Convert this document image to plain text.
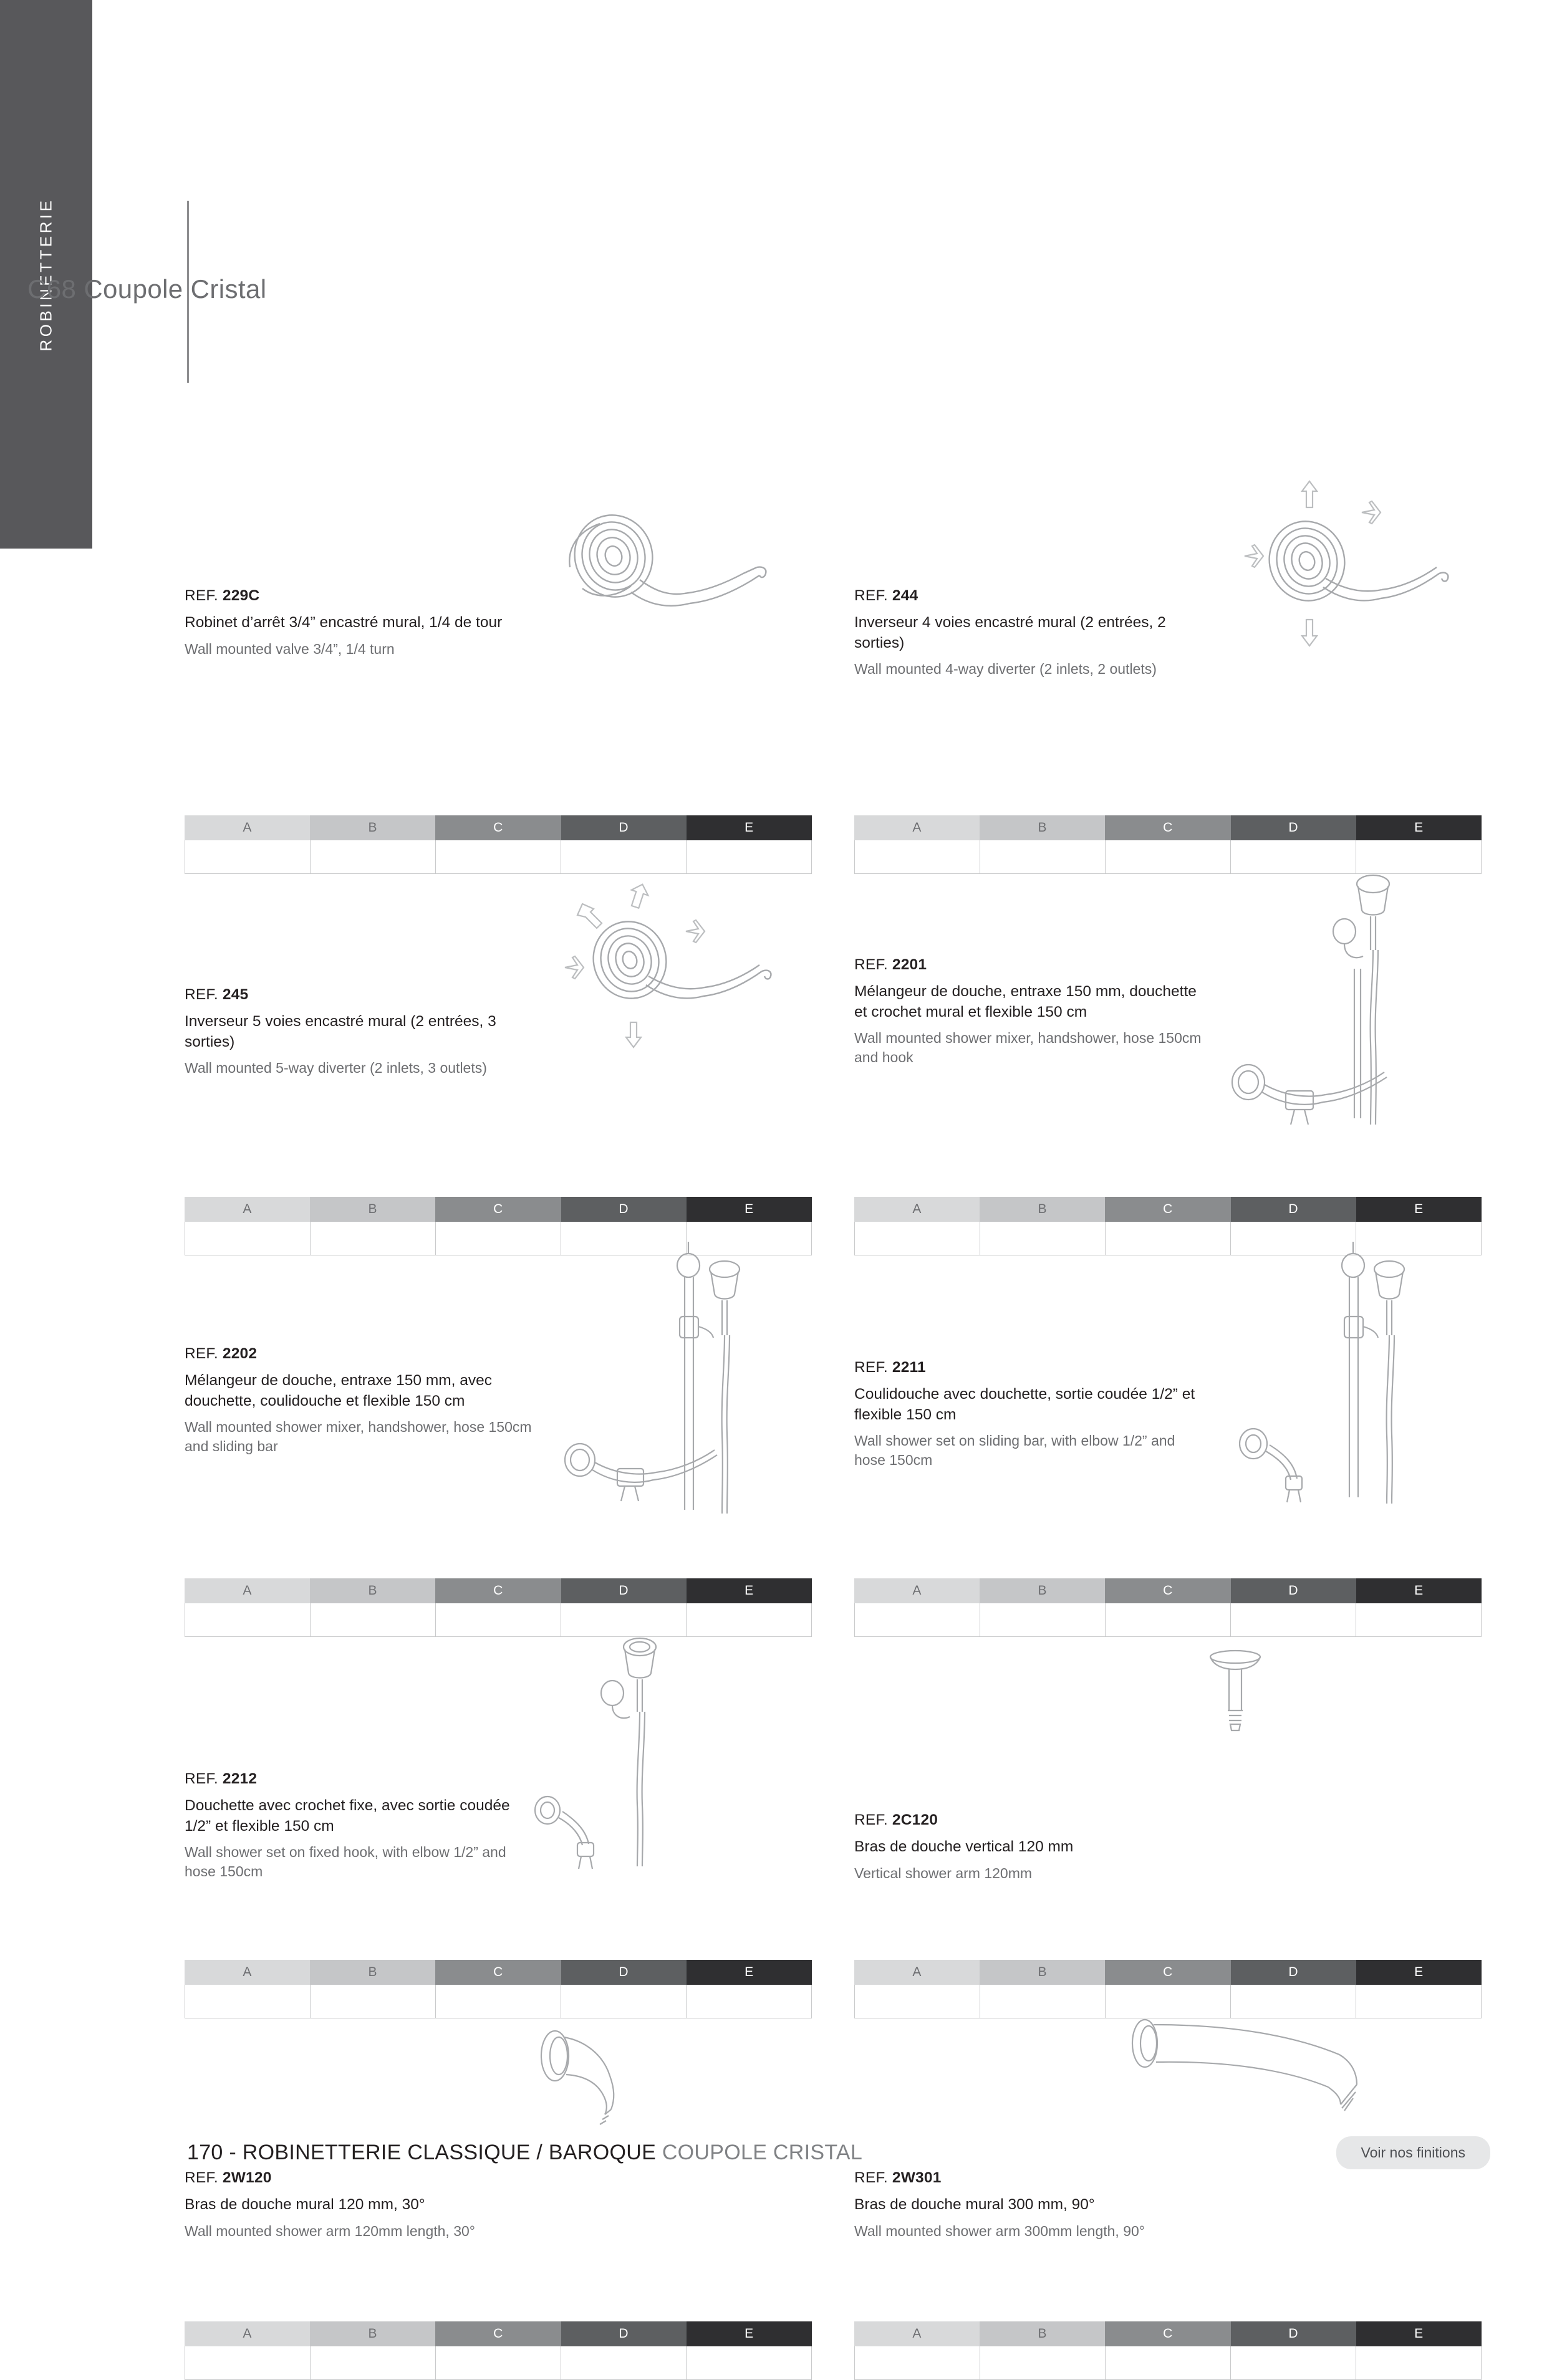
ROBINETTERIE
C68 Coupole Cristal

REF. 229C

Robinet d’arrêt 3/4” encastré mural, 1/4 de tour

Wall mounted valve 3/4”, 1/4 turn

A	B	C	D	E

REF. 244

Inverseur 4 voies encastré mural (2 entrées, 2 sorties)

Wall mounted 4-way diverter (2 inlets, 2 outlets)

A	B	C	D	E

REF. 245

Inverseur 5 voies encastré mural (2 entrées, 3 sorties)

Wall mounted 5-way diverter (2 inlets, 3 outlets)

A	B	C	D	E

REF. 2201

Mélangeur de douche, entraxe 150 mm, douchette et crochet mural et flexible 150 cm

Wall mounted shower mixer, handshower, hose 150cm and hook

A	B	C	D	E

REF. 2202

Mélangeur de douche, entraxe 150 mm, avec douchette, coulidouche et flexible 150 cm

Wall mounted shower mixer, handshower, hose 150cm and sliding bar

A	B	C	D	E

REF. 2211

Coulidouche avec douchette, sortie coudée 1/2” et flexible 150 cm

Wall shower set on sliding bar, with elbow 1/2” and hose 150cm

A	B	C	D	E

REF. 2212

Douchette avec crochet fixe, avec sortie coudée 1/2” et flexible 150 cm

Wall shower set on fixed hook, with elbow 1/2” and hose 150cm

A	B	C	D	E

REF. 2C120

Bras de douche vertical 120 mm

Vertical shower arm 120mm

A	B	C	D	E

REF. 2W120

Bras de douche mural 120 mm, 30°

Wall mounted shower arm 120mm length, 30°

A	B	C	D	E

REF. 2W301

Bras de douche mural 300 mm, 90°

Wall mounted shower arm 300mm length, 90°

A	B	C	D	E
170 - ROBINETTERIE CLASSIQUE / BAROQUE COUPOLE CRISTAL	Voir nos finitions
